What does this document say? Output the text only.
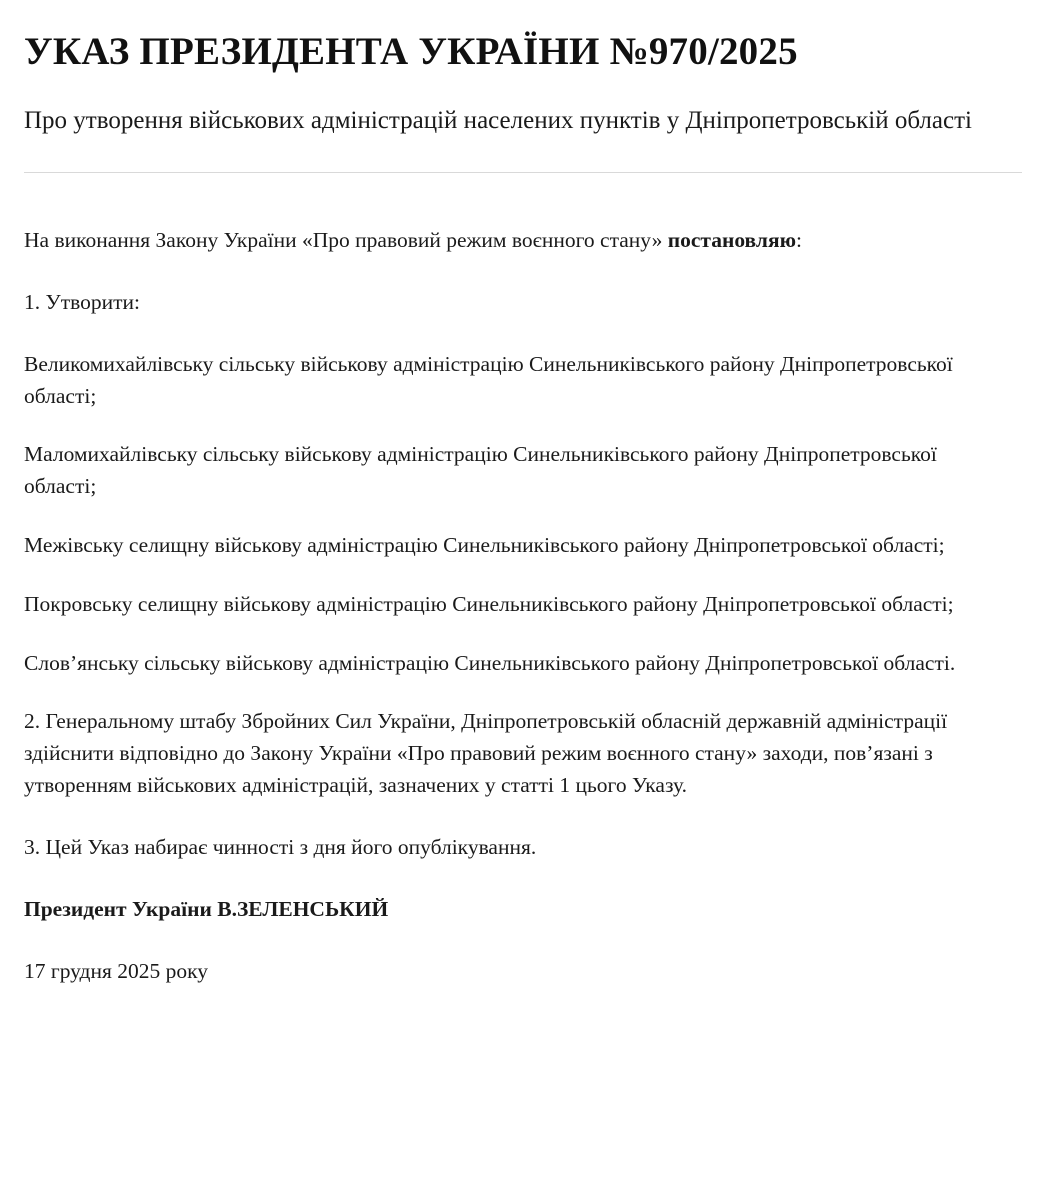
УКАЗ ПРЕЗИДЕНТА УКРАЇНИ №970/2025
Про утворення військових адміністрацій населених пунктів у Дніпропетровській області

На виконання Закону України «Про правовий режим воєнного стану» постановляю:

1. Утворити:

Великомихайлівську сільську військову адміністрацію Синельниківського району Дніпропетровської області;

Маломихайлівську сільську військову адміністрацію Синельниківського району Дніпропетровської області;

Межівську селищну військову адміністрацію Синельниківського району Дніпропетровської області;

Покровську селищну військову адміністрацію Синельниківського району Дніпропетровської області;

Слов’янську сільську військову адміністрацію Синельниківського району Дніпропетровської області.

2. Генеральному штабу Збройних Сил України, Дніпропетровській обласній державній адміністрації здійснити відповідно до Закону України «Про правовий режим воєнного стану» заходи, пов’язані з утворенням військових адміністрацій, зазначених у статті 1 цього Указу.

3. Цей Указ набирає чинності з дня його опублікування.

Президент України В.ЗЕЛЕНСЬКИЙ

17 грудня 2025 року
